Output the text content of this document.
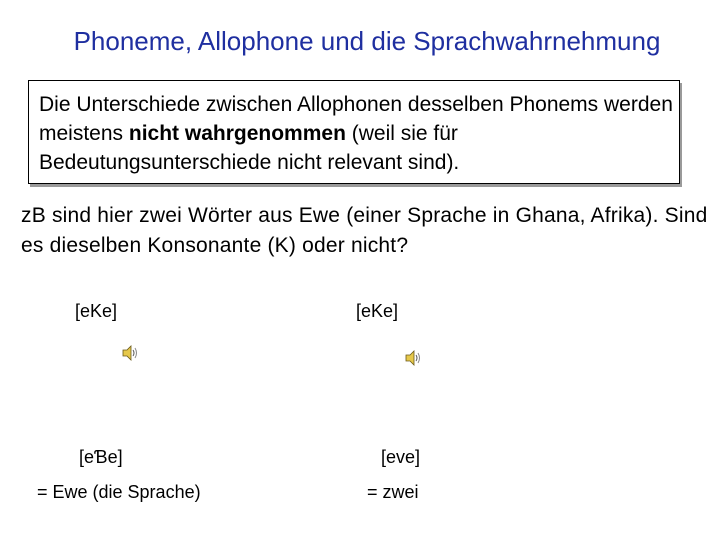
Phoneme, Allophone und die Sprachwahrnehmung
Die Unterschiede zwischen Allophonen desselben Phonems werden meistens nicht wahrgenommen (weil sie für Bedeutungsunterschiede nicht relevant sind).
zB sind hier zwei Wörter aus Ewe (einer Sprache in Ghana, Afrika). Sind es dieselben Konsonante (K) oder nicht?
[eKe]
[eƁe]
= Ewe (die Sprache)
[eKe]
[eve]
= zwei
